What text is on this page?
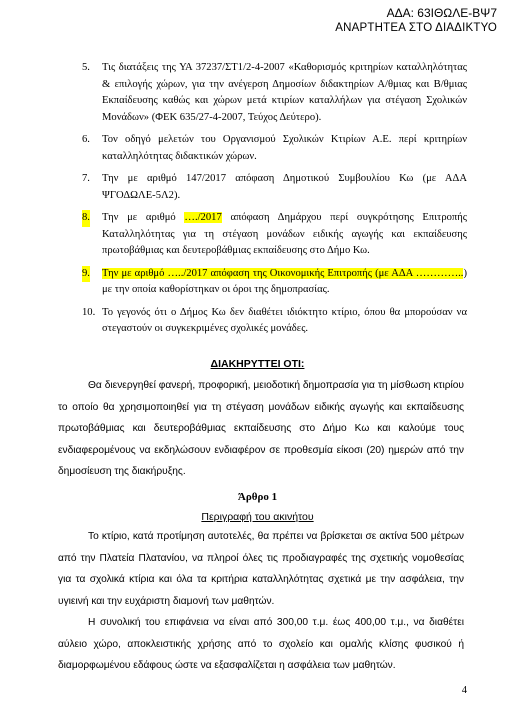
ΑΔΑ: 63ΙΘΩΛΕ-ΒΨ7
ΑΝΑΡΤΗΤΕΑ ΣΤΟ ΔΙΑΔΙΚΤΥΟ
5. Τις διατάξεις της ΥΑ 37237/ΣΤ1/2-4-2007 «Καθορισμός κριτηρίων καταλληλότητας & επιλογής χώρων, για την ανέγερση Δημοσίων διδακτηρίων Α/θμιας και Β/θμιας Εκπαίδευσης καθώς και χώρων μετά κτιρίων καταλλήλων για στέγαση Σχολικών Μονάδων» (ΦΕΚ 635/27-4-2007, Τεύχος Δεύτερο).
6. Τον οδηγό μελετών του Οργανισμού Σχολικών Κτιρίων Α.Ε. περί κριτηρίων καταλληλότητας διδακτικών χώρων.
7. Την με αριθμό 147/2017 απόφαση Δημοτικού Συμβουλίου Κω (με ΑΔΑ ΨΓΟΔΩΛΕ-5Λ2).
8. Την με αριθμό …./2017 απόφαση Δημάρχου περί συγκρότησης Επιτροπής Καταλληλότητας για τη στέγαση μονάδων ειδικής αγωγής και εκπαίδευσης πρωτοβάθμιας και δευτεροβάθμιας εκπαίδευσης στο Δήμο Κω.
9. Την με αριθμό …../2017 απόφαση της Οικονομικής Επιτροπής (με ΑΔΑ …………..) με την οποία καθορίστηκαν οι όροι της δημοπρασίας.
10. Το γεγονός ότι ο Δήμος Κω δεν διαθέτει ιδιόκτητο κτίριο, όπου θα μπορούσαν να στεγαστούν οι συγκεκριμένες σχολικές μονάδες.
ΔΙΑΚΗΡΥΤΤΕΙ ΟΤΙ:

Θα διενεργηθεί φανερή, προφορική, μειοδοτική δημοπρασία για τη μίσθωση κτιρίου το οποίο θα χρησιμοποιηθεί για τη στέγαση μονάδων ειδικής αγωγής και εκπαίδευσης πρωτοβάθμιας και δευτεροβάθμιας εκπαίδευσης στο Δήμο Κω και καλούμε τους ενδιαφερομένους να εκδηλώσουν ενδιαφέρον σε προθεσμία είκοσι (20) ημερών από την δημοσίευση της διακήρυξης.

Άρθρο 1
Περιγραφή του ακινήτου

Το κτίριο, κατά προτίμηση αυτοτελές, θα πρέπει να βρίσκεται σε ακτίνα 500 μέτρων από την Πλατεία Πλατανίου, να πληροί όλες τις προδιαγραφές της σχετικής νομοθεσίας για τα σχολικά κτίρια και όλα τα κριτήρια καταλληλότητας σχετικά με την ασφάλεια, την υγιεινή και την ευχάριστη διαμονή των μαθητών.

Η συνολική του επιφάνεια να είναι από 300,00 τ.μ. έως 400,00 τ.μ., να διαθέτει αύλειο χώρο, αποκλειστικής χρήσης από το σχολείο και ομαλής κλίσης φυσικού ή διαμορφωμένου εδάφους ώστε να εξασφαλίζεται η ασφάλεια των μαθητών.

4
